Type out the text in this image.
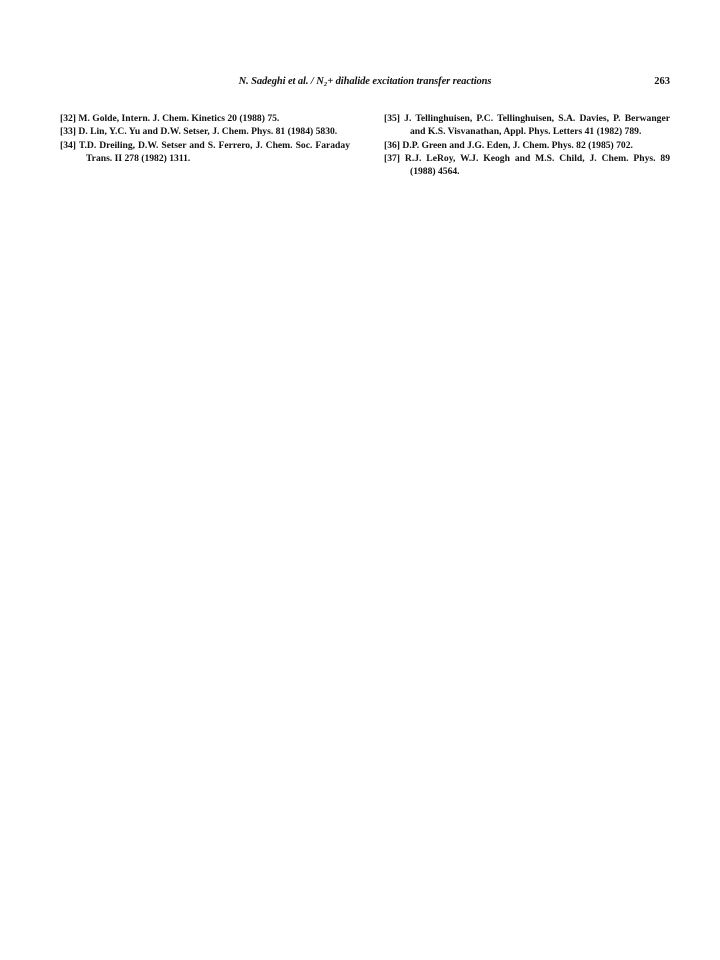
N. Sadeghi et al. / N₂+ dihalide excitation transfer reactions	263

[32] M. Golde, Intern. J. Chem. Kinetics 20 (1988) 75.

[33] D. Lin, Y.C. Yu and D.W. Setser, J. Chem. Phys. 81 (1984) 5830.

[34] T.D. Dreiling, D.W. Setser and S. Ferrero, J. Chem. Soc. Faraday Trans. II 278 (1982) 1311.

[35] J. Tellinghuisen, P.C. Tellinghuisen, S.A. Davies, P. Berwanger and K.S. Visvanathan, Appl. Phys. Letters 41 (1982) 789.

[36] D.P. Green and J.G. Eden, J. Chem. Phys. 82 (1985) 702.

[37] R.J. LeRoy, W.J. Keogh and M.S. Child, J. Chem. Phys. 89 (1988) 4564.
